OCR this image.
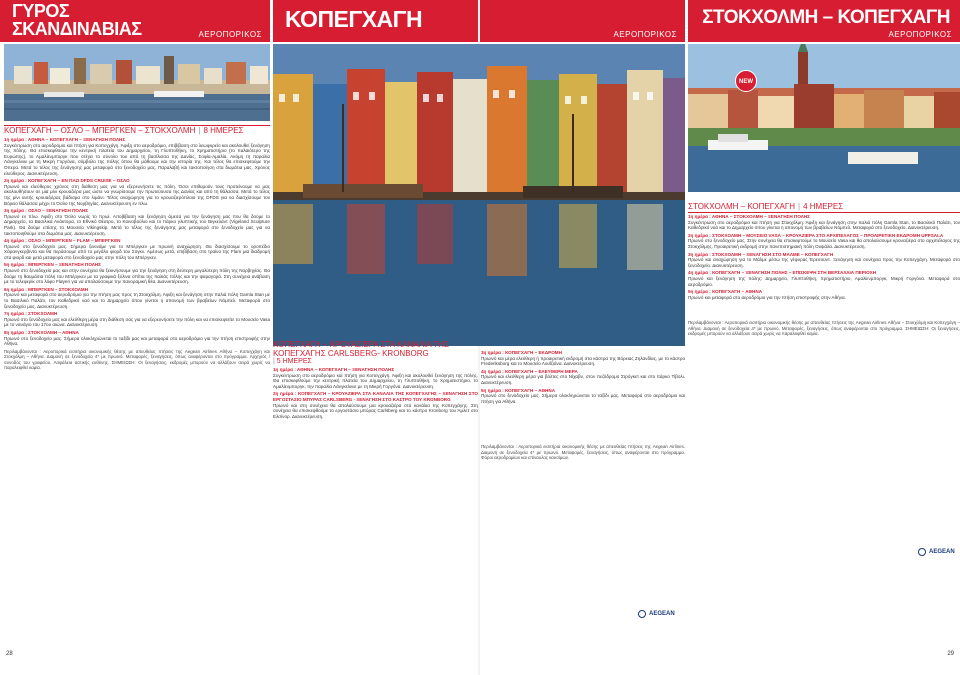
ΓΥΡΟΣ
ΣΚΑΝΔΙΝΑΒΙΑΣ	ΑΕΡΟΠΟΡΙΚΟΣ
ΚΟΠΕΓΧΑΓΗ
ΑΕΡΟΠΟΡΙΚΟΣ
ΣΤΟΚΧΟΛΜΗ – ΚΟΠΕΓΧΑΓΗ
ΑΕΡΟΠΟΡΙΚΟΣ
NEW
ΚΟΠΕΓΧΑΓΗ – ΟΣΛΟ – ΜΠΕΡΓΚΕΝ – ΣΤΟΚΧΟΛΜΗ | 8 ΗΜΕΡΕΣ

1η ημέρα : ΑΘΗΝΑ – ΚΟΠΕΓΧΑΓΗ – ΞΕΝΑΓΗΣΗ ΠΟΛΗΣ
Συγκέντρωση στο αεροδρόμιο και πτήση για Κοπεγχάγη. Άφιξη στο αεροδρόμιο, επιβίβαση στο λεωφορείο και ακολουθεί ξενάγηση της πόλης. Θα επισκεφθούμε την κεντρική πλατεία του Δημαρχείου, τη Γλυπτοθήκη, το Χρηματιστήριο (το παλαιότερο της Ευρώπης), το Αμαλίενμποργκ που στέγει το σύνολο του από τη βασίλισσα της Δανίας, Σοφία-Αμαλία. Ακόμη τη παραλία Λάνγκελινιε με τη Μικρή Γοργόνα, σύμβολο της πόλης όπου θα μάθουμε και την ιστορία της. Και τέλος θα επισκεφτούμε την Οπερα. Μετά το τέλος της ξενάγησης μας μεταφορά στο ξενοδοχείο μας. Παραλαβή και τακτοποίηση στα δωμάτια μας. Χρόνος ελεύθερος. Διανυκτέρευση.

2η ημέρα : ΚΟΠΕΓΧΑΓΗ – ΕΝ ΠΛΩ DFDS CRUISE – ΟΣΛΟ
Πρωινό και ελεύθερος χρόνος στη διάθεση μας για να εξερευνήσετε τις πόλη. Όσοι επιθυμούν τους προτείνουμε να μας ακολουθήσουν σε μια μίνι κρουαζιέρα μας ώστε να γνωρίσουμε την πρωτεύουσα της Δανίας και από τη θάλασσα. Μετά το τέλος της μίνι αυτής κρουαζιέρας βάδισμα στο λιμάνι. Τέλος αναχώρηση για το κρουαζιερόπλοιο της DFDS για να διασχίσουμε τον Βόρειο θάλασσα μέχρι το Όσλο της Νορβηγίας. Διανυκτέρευση εν πλω.

3η ημέρα : ΟΣΛΟ – ΞΕΝΑΓΗΣΗ ΠΟΛΗΣ
Πρωινό εν πλω. Άφιξη στο Όσλο νωρίς το πρωί. Αποβίβαση και ξενάγηση άμεσα για την ξενάγηση μας που θα δούμε το Δημαρχείο, τα Βασιλικά Ανάκτορα, το Εθνικό Θέατρο, το Κοινοβούλιο και το πάρκο γλυπτικής του Βιγκελάντ (Vigeland Sculpture Park). Θα δούμε επίσης το Μουσείο Vikingskip. Μετά το τέλος της ξενάγησης μας μεταφορά στο ξενοδοχείο μας για να τακτοποιηθούμε στα δωμάτια μας. Διανυκτέρευση.

4η ημέρα : ΟΣΛΟ – ΜΠΕΡΓΚΕΝ – FLAM – ΜΠΕΡΓΚΕΝ
Πρωινό στο ξενοδοχείο μας. Σήμερα ξεκινάμε για το Μπέργκεν με πρωινή αναχώρηση. Θα διασχίσουμε το οροπέδιο Χάρανγκερβιντα και θα περάσουμε από το μεγάλο φιορδ του Σογκν. Αμέσως μετά, επιβίβαση στο τραίνο της Flam μια διαδρομή στα φιορδ και μετά μεταφορά στο ξενοδοχείο μας στην πόλη του Μπέργκεν.

5η ημέρα : ΜΠΕΡΓΚΕΝ – ΞΕΝΑΓΗΣΗ ΠΟΛΗΣ
Πρωινό στο ξενοδοχείο μας και στην συνέχεια θα ξεκινήσουμε για την ξενάγηση στη δεύτερη μεγαλύτερη πόλη της Νορβηγίας. Θα δούμε τη θαυμάσια πόλη του Μπέργκεν με τα γραφικά ξύλινα σπίτια της παλιάς πόλης και την ψαραγορά. Στη συνέχεια ανάβαση με το τελεφερίκ στο λόφο Fløyen για να απολαύσουμε την πανοραμική θέα. Διανυκτέρευση.

6η ημέρα : ΜΠΕΡΓΚΕΝ – ΣΤΟΚΧΟΛΜΗ
Πρωινό και μεταφορά στο αεροδρόμιο για την πτήση μας προς τη Στοκχόλμη. Άφιξη και ξενάγηση στην παλιά πόλη Gamla Stan με το Βασιλικό Παλάτι, τον Καθεδρικό ναό και το Δημαρχείο όπου γίνεται η απονομή των βραβείων Νόμπελ. Μεταφορά στο ξενοδοχείο μας. Διανυκτέρευση.

7η ημέρα : ΣΤΟΚΧΟΛΜΗ
Πρωινό στο ξενοδοχείο μας και ελεύθερη μέρα στη διάθεση σας για να εξερευνήσετε την πόλη και να επισκεφτείτε το Μουσείο Vasa με το ναυάγιο του 17ου αιώνα. Διανυκτέρευση.

8η ημέρα : ΣΤΟΚΧΟΛΜΗ – ΑΘΗΝΑ
Πρωινό στο ξενοδοχείο μας. Σήμερα ολοκληρώνεται το ταξίδι μας και μεταφορά στο αεροδρόμιο για την πτήση επιστροφής στην Αθήνα.

Περιλαμβάνονται : Αεροπορικά εισιτήρια οικονομικής θέσης με απευθείας πτήσεις της Aegean Airlines Αθήνα – Κοπεγχάγη και Στοκχόλμη – Αθήνα. Διαμονή σε ξενοδοχεία 4* με πρωινό. Μεταφορές, ξεναγήσεις, όπως αναφέρονται στο πρόγραμμα. Αρχηγός / συνοδός του γραφείου. Ασφάλεια αστικής ευθύνης. ΣΗΜΕΙΩΣΗ: Οι ξεναγήσεις, εκδρομές μπορούν να αλλάξουν σειρά χωρίς να παραλειφθεί καμία.

28
ΚΟΠΕΓΧΑΓΗ – ΚΡΟΥΑΖΙΕΡΑ ΣΤΑ ΚΑΝΑΛΙΑ ΤΗΣ ΚΟΠΕΓΧΑΓΗΣ CARLSBERG- KRONBORG
| 5 ΗΜΕΡΕΣ

1η ημέρα : ΑΘΗΝΑ – ΚΟΠΕΓΧΑΓΗ – ΞΕΝΑΓΗΣΗ ΠΟΛΗΣ
Συγκέντρωση στο αεροδρόμιο και πτήση για Κοπεγχάγη. Άφιξη και ακολουθεί ξενάγηση της πόλης. Θα επισκεφθούμε την κεντρική πλατεία του Δημαρχείου, τη Γλυπτοθήκη, το Χρηματιστήριο, το Αμαλίενμποργκ, την παραλία Λάνγκελινιε με τη Μικρή Γοργόνα. Διανυκτέρευση.

2η ημέρα : ΚΟΠΕΓΧΑΓΗ – ΚΡΟΥΑΖΙΕΡΑ ΣΤΑ ΚΑΝΑΛΙΑ ΤΗΣ ΚΟΠΕΓΧΑΓΗΣ – ΞΕΝΑΓΗΣΗ ΣΤΟ ΕΡΓΟΣΤΑΣΙΟ ΜΠΥΡΑΣ CARLSBERG - ΞΕΝΑΓΗΣΗ ΣΤΟ ΚΑΣΤΡΟ ΤΟΥ KRONBORG
Πρωινό και στη συνέχεια θα απολαύσουμε μια κρουαζιέρα στα κανάλια της Κοπεγχάγης. Στη συνέχεια θα επισκεφθούμε το εργοστάσιο μπύρας Carlsberg και το κάστρο Kronborg του Άμλετ στο Ελσίνορ. Διανυκτέρευση.

3η ημέρα : ΚΟΠΕΓΧΑΓΗ – ΕΚΔΡΟΜΗ
Πρωινό και μέρα ελεύθερη ή προαιρετική εκδρομή στα κάστρα της Βόρειας Ζηλανδίας, με το κάστρο Frederiksborg και το Μουσείο Λουΐζιάνα. Διανυκτέρευση.

4η ημέρα : ΚΟΠΕΓΧΑΓΗ – ΕΛΕΥΘΕΡΗ ΜΕΡΑ
Πρωινό και ελεύθερη μέρα για βόλτες στο Νίχαβν, στον πεζόδρομο Στρόγκετ και στο πάρκο Τίβολι. Διανυκτέρευση.

5η ημέρα : ΚΟΠΕΓΧΑΓΗ – ΑΘΗΝΑ
Πρωινό στο ξενοδοχείο μας. Σήμερα ολοκληρώνεται το ταξίδι μας. Μεταφορά στο αεροδρόμιο και πτήση για Αθήνα.

Περιλαμβάνονται : Αεροπορικά εισιτήρια οικονομικής θέσης με απευθείας πτήσεις της Aegean Airlines. Διαμονή σε ξενοδοχεία 4* με πρωινό. Μεταφορές, ξεναγήσεις, όπως αναφέρονται στο πρόγραμμα. Φόροι αεροδρομίων και επίναυλος καυσίμων.

AEGEAN
ΣΤΟΚΧΟΛΜΗ – ΚΟΠΕΓΧΑΓΗ | 4 ΗΜΕΡΕΣ

1η ημέρα : ΑΘΗΝΑ – ΣΤΟΚΧΟΛΜΗ – ΞΕΝΑΓΗΣΗ ΠΟΛΗΣ
Συγκέντρωση στο αεροδρόμιο και πτήση για Στοκχόλμη. Άφιξη και ξενάγηση στην παλιά πόλη Gamla Stan, το Βασιλικό Παλάτι, τον Καθεδρικό ναό και το Δημαρχείο όπου γίνεται η απονομή των βραβείων Νόμπελ. Μεταφορά στο ξενοδοχείο. Διανυκτέρευση.

2η ημέρα : ΣΤΟΚΧΟΛΜΗ – ΜΟΥΣΕΙΟ VASA – ΚΡΟΥΑΖΙΕΡΑ ΣΤΟ ΑΡΧΙΠΕΛΑΓΟΣ – ΠΡΟΑΙΡΕΤΙΚΗ ΕΚΔΡΟΜΗ UPPSALA
Πρωινό στο ξενοδοχείο μας. Στην συνέχεια θα επισκεφτούμε το Μουσείο Vasa και θα απολαύσουμε κρουαζιέρα στο αρχιπέλαγος της Στοκχόλμης. Προαιρετική εκδρομή στην πανεπιστημιακή πόλη Ουψάλα. Διανυκτέρευση.

3η ημέρα : ΣΤΟΚΧΟΛΜΗ – ΞΕΝΑΓΗΣΗ ΣΤΟ ΜΑΛΜΕ – ΚΟΠΕΓΧΑΓΗ
Πρωινό και αναχώρηση για το Μάλμε μέσω της γέφυρας Έρεσουντ. Ξενάγηση και συνέχεια προς την Κοπεγχάγη. Μεταφορά στο ξενοδοχείο. Διανυκτέρευση.

4η ημέρα : ΚΟΠΕΓΧΑΓΗ – ΞΕΝΑΓΗΣΗ ΠΟΛΗΣ – ΕΠΙΣΚΕΨΗ ΣΤΗ ΒΕΡΣΑΛΛΙΑ ΠΕΡΙΟΧΗ
Πρωινό και ξενάγηση της πόλης: Δημαρχείο, Γλυπτοθήκη, Χρηματιστήριο, Αμαλίενμποργκ, Μικρή Γοργόνα. Μεταφορά στο αεροδρόμιο.

5η ημέρα : ΚΟΠΕΓΧΑΓΗ – ΑΘΗΝΑ
Πρωινό και μεταφορά στο αεροδρόμιο για την πτήση επιστροφής στην Αθήνα.

Περιλαμβάνονται : Αεροπορικά εισιτήρια οικονομικής θέσης με απευθείας πτήσεις της Aegean Airlines Αθήνα – Στοκχόλμη και Κοπεγχάγη – Αθήνα. Διαμονή σε ξενοδοχεία 4* με πρωινό. Μεταφορές, ξεναγήσεις, όπως αναφέρονται στο πρόγραμμα. ΣΗΜΕΙΩΣΗ: Οι ξεναγήσεις, εκδρομές μπορούν να αλλάξουν σειρά χωρίς να παραλειφθεί καμία.

AEGEAN
29
